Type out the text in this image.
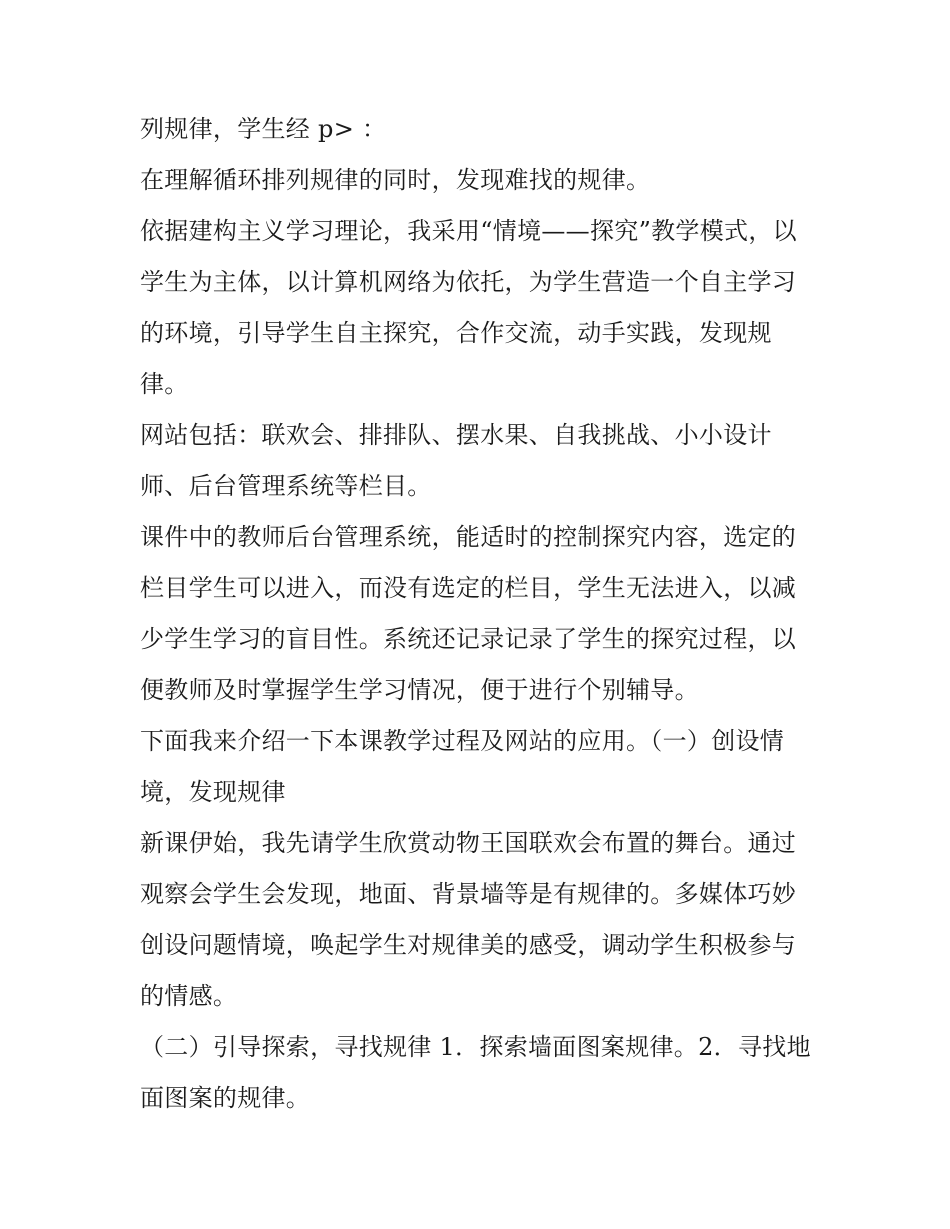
列规律，学生经 p> ：

在理解循环排列规律的同时，发现难找的规律。

依据建构主义学习理论，我采用“情境——探究”教学模式，以学生为主体，以计算机网络为依托，为学生营造一个自主学习的环境，引导学生自主探究，合作交流，动手实践，发现规律。

网站包括：联欢会、排排队、摆水果、自我挑战、小小设计师、后台管理系统等栏目。

课件中的教师后台管理系统，能适时的控制探究内容，选定的栏目学生可以进入，而没有选定的栏目，学生无法进入，以减少学生学习的盲目性。系统还记录记录了学生的探究过程，以便教师及时掌握学生学习情况，便于进行个别辅导。

下面我来介绍一下本课教学过程及网站的应用。（一）创设情境，发现规律

新课伊始，我先请学生欣赏动物王国联欢会布置的舞台。通过观察会学生会发现，地面、背景墙等是有规律的。多媒体巧妙创设问题情境，唤起学生对规律美的感受，调动学生积极参与的情感。

（二）引导探索，寻找规律 1．探索墙面图案规律。2．寻找地面图案的规律。
